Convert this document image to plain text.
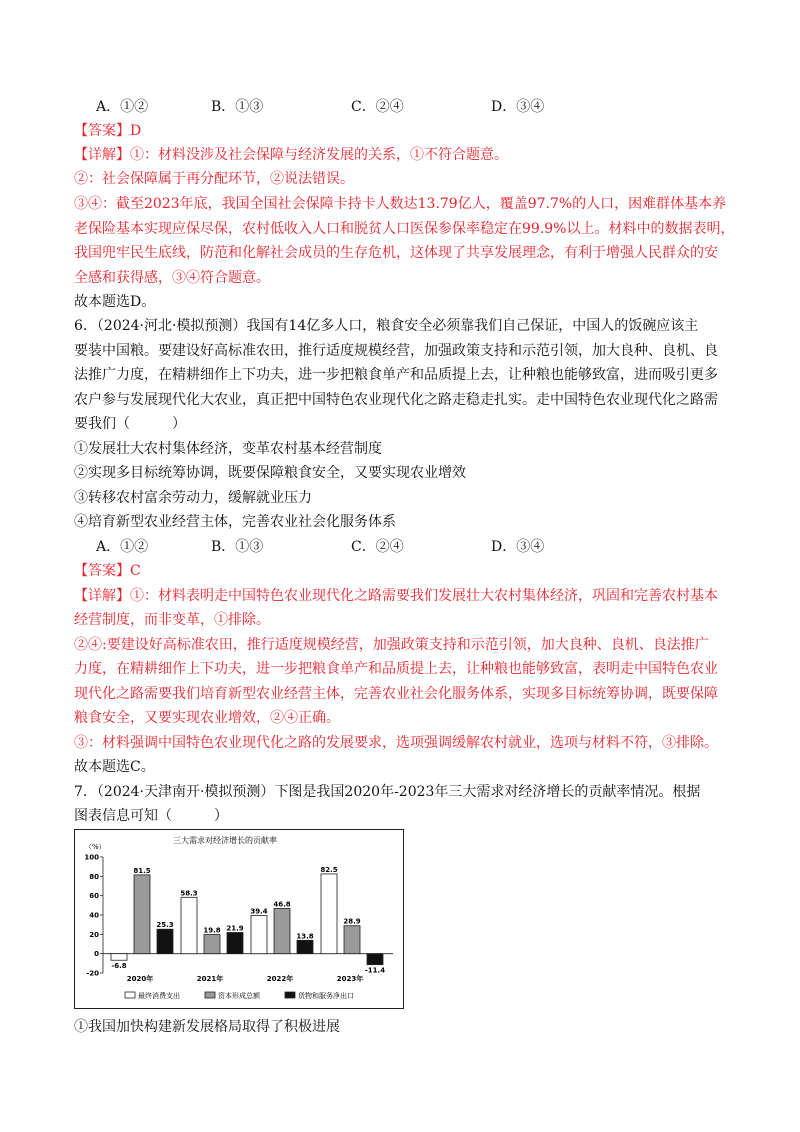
A．①②	B．①③	C．②④	D．③④
【答案】D
【详解】①：材料没涉及社会保障与经济发展的关系，①不符合题意。
②：社会保障属于再分配环节，②说法错误。
③④：截至2023年底，我国全国社会保障卡持卡人数达13.79亿人，覆盖97.7%的人口，困难群体基本养
老保险基本实现应保尽保，农村低收入人口和脱贫人口医保参保率稳定在99.9%以上。材料中的数据表明，
我国兜牢民生底线，防范和化解社会成员的生存危机，这体现了共享发展理念，有利于增强人民群众的安
全感和获得感，③④符合题意。
故本题选D。
6．（2024·河北·模拟预测）我国有14亿多人口，粮食安全必须靠我们自己保证，中国人的饭碗应该主
要装中国粮。要建设好高标准农田，推行适度规模经营，加强政策支持和示范引领，加大良种、良机、良
法推广力度，在精耕细作上下功夫，进一步把粮食单产和品质提上去，让种粮也能够致富，进而吸引更多
农户参与发展现代化大农业，真正把中国特色农业现代化之路走稳走扎实。走中国特色农业现代化之路需
要我们（　　　）
①发展壮大农村集体经济，变革农村基本经营制度
②实现多目标统筹协调，既要保障粮食安全，又要实现农业增效
③转移农村富余劳动力，缓解就业压力
④培育新型农业经营主体，完善农业社会化服务体系
A．①②	B．①③	C．②④	D．③④
【答案】C
【详解】①：材料表明走中国特色农业现代化之路需要我们发展壮大农村集体经济，巩固和完善农村基本
经营制度，而非变革，①排除。
②④:要建设好高标准农田，推行适度规模经营，加强政策支持和示范引领，加大良种、良机、良法推广
力度，在精耕细作上下功夫，进一步把粮食单产和品质提上去，让种粮也能够致富，表明走中国特色农业
现代化之路需要我们培育新型农业经营主体，完善农业社会化服务体系，实现多目标统筹协调，既要保障
粮食安全，又要实现农业增效，②④正确。
③：材料强调中国特色农业现代化之路的发展要求，选项强调缓解农村就业，选项与材料不符，③排除。
故本题选C。
7．（2024·天津南开·模拟预测）下图是我国2020年-2023年三大需求对经济增长的贡献率情况。根据
图表信息可知（　　　）
三大需求对经济增长的贡献率
（%）
100
80
60
40
20
0
-20
-6.8
81.5
25.3
2020年
58.3
19.8 21.9
2021年
39.4
46.8
13.8
2022年
82.5
28.9
-11.4
2023年
最终消费支出	资本形成总额	货物和服务净出口
①我国加快构建新发展格局取得了积极进展
